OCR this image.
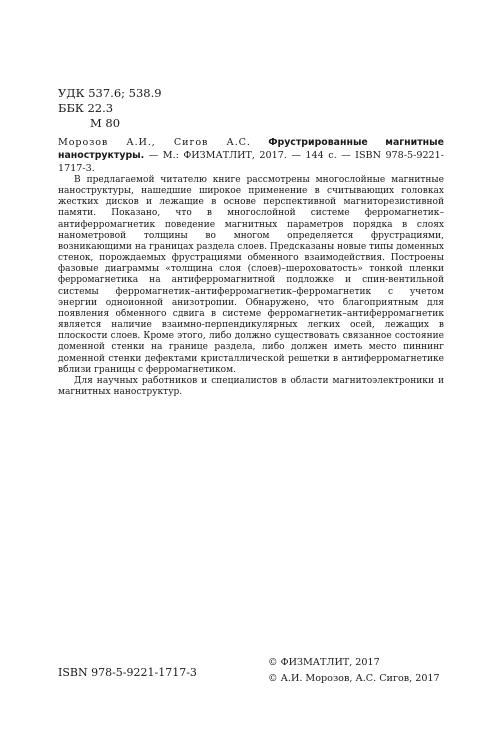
УДК 537.6; 538.9
ББК 22.3
М 80
Морозов А.И., Сигов А.С. Фрустрированные магнитные наноструктуры. — М.: ФИЗМАТЛИТ, 2017. — 144 с. — ISBN 978-5-9221-1717-3.

В предлагаемой читателю книге рассмотрены многослойные магнитные наноструктуры, нашедшие широкое применение в считывающих головках жестких дисков и лежащие в основе перспективной магниторезистивной памяти. Показано, что в многослойной системе ферромагнетик–антиферромагнетик поведение магнитных параметров порядка в слоях нанометровой толщины во многом определяется фрустрациями, возникающими на границах раздела слоев. Предсказаны новые типы доменных стенок, порождаемых фрустрациями обменного взаимодействия. Построены фазовые диаграммы «толщина слоя (слоев)–шероховатость» тонкой пленки ферромагнетика на антиферромагнитной подложке и спин-вентильной системы ферромагнетик–антиферромагнетик–ферромагнетик с учетом энергии одноионной анизотропии. Обнаружено, что благоприятным для появления обменного сдвига в системе ферромагнетик–антиферромагнетик является наличие взаимно-перпендикулярных легких осей, лежащих в плоскости слоев. Кроме этого, либо должно существовать связанное состояние доменной стенки на границе раздела, либо должен иметь место пиннинг доменной стенки дефектами кристаллической решетки в антиферромагнетике вблизи границы с ферромагнетиком.

Для научных работников и специалистов в области магнитоэлектроники и магнитных наноструктур.

ISBN 978-5-9221-1717-3
© ФИЗМАТЛИТ, 2017
© А.И. Морозов, А.С. Сигов, 2017
